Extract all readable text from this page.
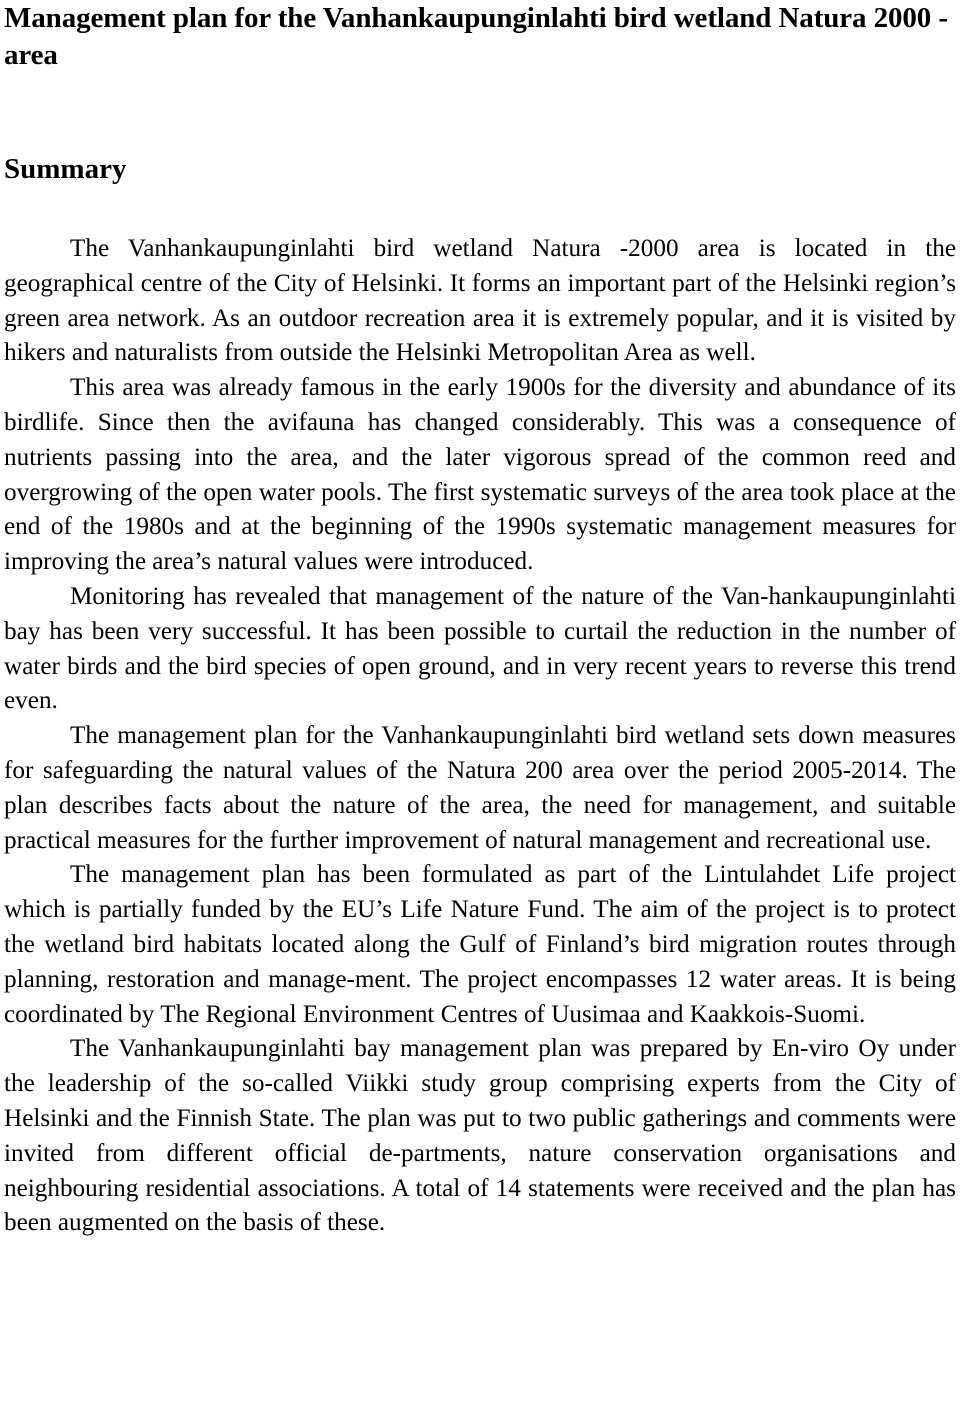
Management plan for the Vanhankaupunginlahti bird wetland Natura 2000 -area
Summary

The Vanhankaupunginlahti bird wetland Natura -2000 area is located in the geographical centre of the City of Helsinki. It forms an important part of the Helsinki region’s green area network. As an outdoor recreation area it is extremely popular, and it is visited by hikers and naturalists from outside the Helsinki Metropolitan Area as well.

This area was already famous in the early 1900s for the diversity and abundance of its birdlife. Since then the avifauna has changed considerably. This was a consequence of nutrients passing into the area, and the later vigorous spread of the common reed and overgrowing of the open water pools. The first systematic surveys of the area took place at the end of the 1980s and at the beginning of the 1990s systematic management measures for improving the area’s natural values were introduced.

Monitoring has revealed that management of the nature of the Van-hankaupunginlahti bay has been very successful. It has been possible to curtail the reduction in the number of water birds and the bird species of open ground, and in very recent years to reverse this trend even.

The management plan for the Vanhankaupunginlahti bird wetland sets down measures for safeguarding the natural values of the Natura 200 area over the period 2005-2014. The plan describes facts about the nature of the area, the need for management, and suitable practical measures for the further improvement of natural management and recreational use.

The management plan has been formulated as part of the Lintulahdet Life project which is partially funded by the EU’s Life Nature Fund. The aim of the project is to protect the wetland bird habitats located along the Gulf of Finland’s bird migration routes through planning, restoration and manage-ment. The project encompasses 12 water areas. It is being coordinated by The Regional Environment Centres of Uusimaa and Kaakkois-Suomi.

The Vanhankaupunginlahti bay management plan was prepared by En-viro Oy under the leadership of the so-called Viikki study group comprising experts from the City of Helsinki and the Finnish State. The plan was put to two public gatherings and comments were invited from different official de-partments, nature conservation organisations and neighbouring residential associations. A total of 14 statements were received and the plan has been augmented on the basis of these.
